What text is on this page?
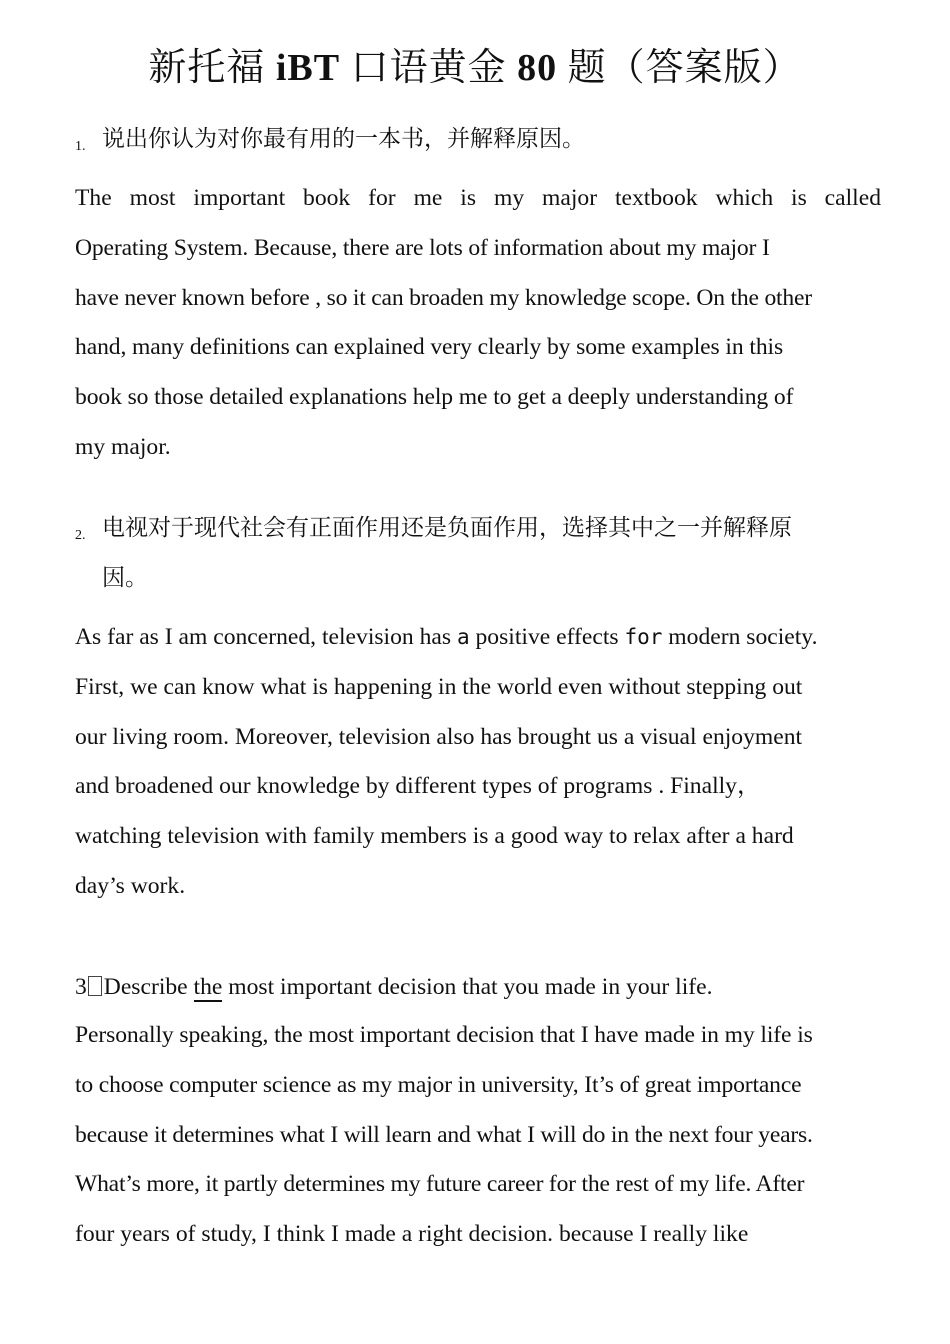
新托福 iBT 口语黄金 80 题（答案版）
1. 说出你认为对你最有用的一本书，并解释原因。
The most important book for me is my major textbook which is called
Operating System. Because, there are lots of information about my major I
have never known before , so it can broaden my knowledge scope. On the other
hand, many definitions can explained very clearly by some examples in this
book so those detailed explanations help me to get a deeply understanding of
my major.
2. 电视对于现代社会有正面作用还是负面作用，选择其中之一并解释原
因。
As far as I am concerned, television has a positive effects for modern society.
First, we can know what is happening in the world even without stepping out
our living room. Moreover, television also has brought us a visual enjoyment
and broadened our knowledge by different types of programs . Finally，
watching television with family members is a good way to relax after a hard
day’s work.
3 Describe the most important decision that you made in your life.
Personally speaking, the most important decision that I have made in my life is
to choose computer science as my major in university, It’s of great importance
because it determines what I will learn and what I will do in the next four years.
What’s more, it partly determines my future career for the rest of my life. After
four years of study, I think I made a right decision. because I really like
